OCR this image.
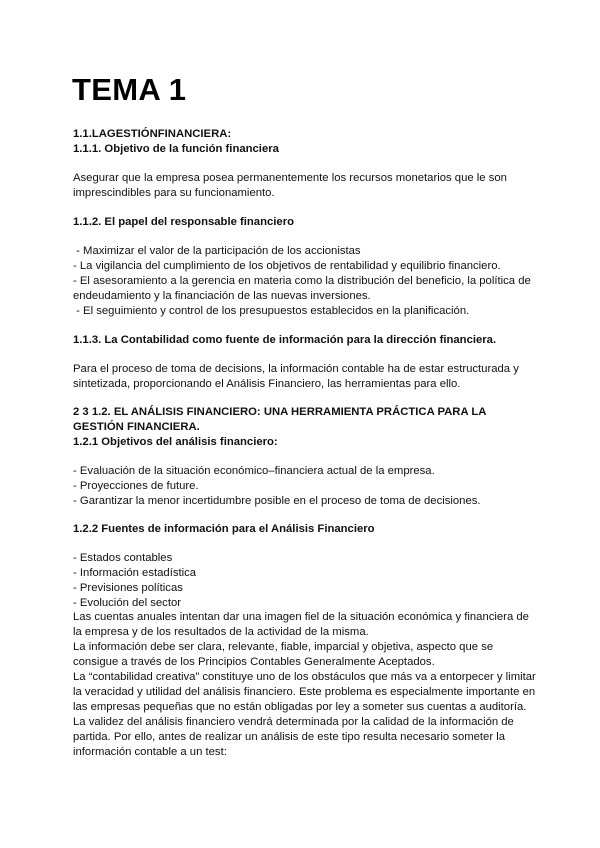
TEMA 1
1.1.LAGESTIÓNFINANCIERA:
1.1.1. Objetivo de la función financiera
Asegurar que la empresa posea permanentemente los recursos monetarios que le son
imprescindibles para su funcionamiento.
1.1.2. El papel del responsable financiero
- Maximizar el valor de la participación de los accionistas
- La vigilancia del cumplimiento de los objetivos de rentabilidad y equilibrio financiero.
- El asesoramiento a la gerencia en materia como la distribución del beneficio, la política de
endeudamiento y la financiación de las nuevas inversiones.
- El seguimiento y control de los presupuestos establecidos en la planificación.
1.1.3. La Contabilidad como fuente de información para la dirección financiera.
Para el proceso de toma de decisions, la información contable ha de estar estructurada y
sintetizada, proporcionando el Análisis Financiero, las herramientas para ello.
2 3 1.2. EL ANÁLISIS FINANCIERO: UNA HERRAMIENTA PRÁCTICA PARA LA
GESTIÓN FINANCIERA.
1.2.1 Objetivos del análisis financiero:
- Evaluación de la situación económico–financiera actual de la empresa.
- Proyecciones de future.
- Garantizar la menor incertidumbre posible en el proceso de toma de decisiones.
1.2.2 Fuentes de información para el Análisis Financiero
- Estados contables
- Información estadística
- Previsiones políticas
- Evolución del sector
Las cuentas anuales intentan dar una imagen fiel de la situación económica y financiera de
la empresa y de los resultados de la actividad de la misma.
La información debe ser clara, relevante, fiable, imparcial y objetiva, aspecto que se
consigue a través de los Principios Contables Generalmente Aceptados.
La “contabilidad creativa” constituye uno de los obstáculos que más va a entorpecer y limitar
la veracidad y utilidad del análisis financiero. Este problema es especialmente importante en
las empresas pequeñas que no están obligadas por ley a someter sus cuentas a auditoría.
La validez del análisis financiero vendrá determinada por la calidad de la información de
partida. Por ello, antes de realizar un análisis de este tipo resulta necesario someter la
información contable a un test:
